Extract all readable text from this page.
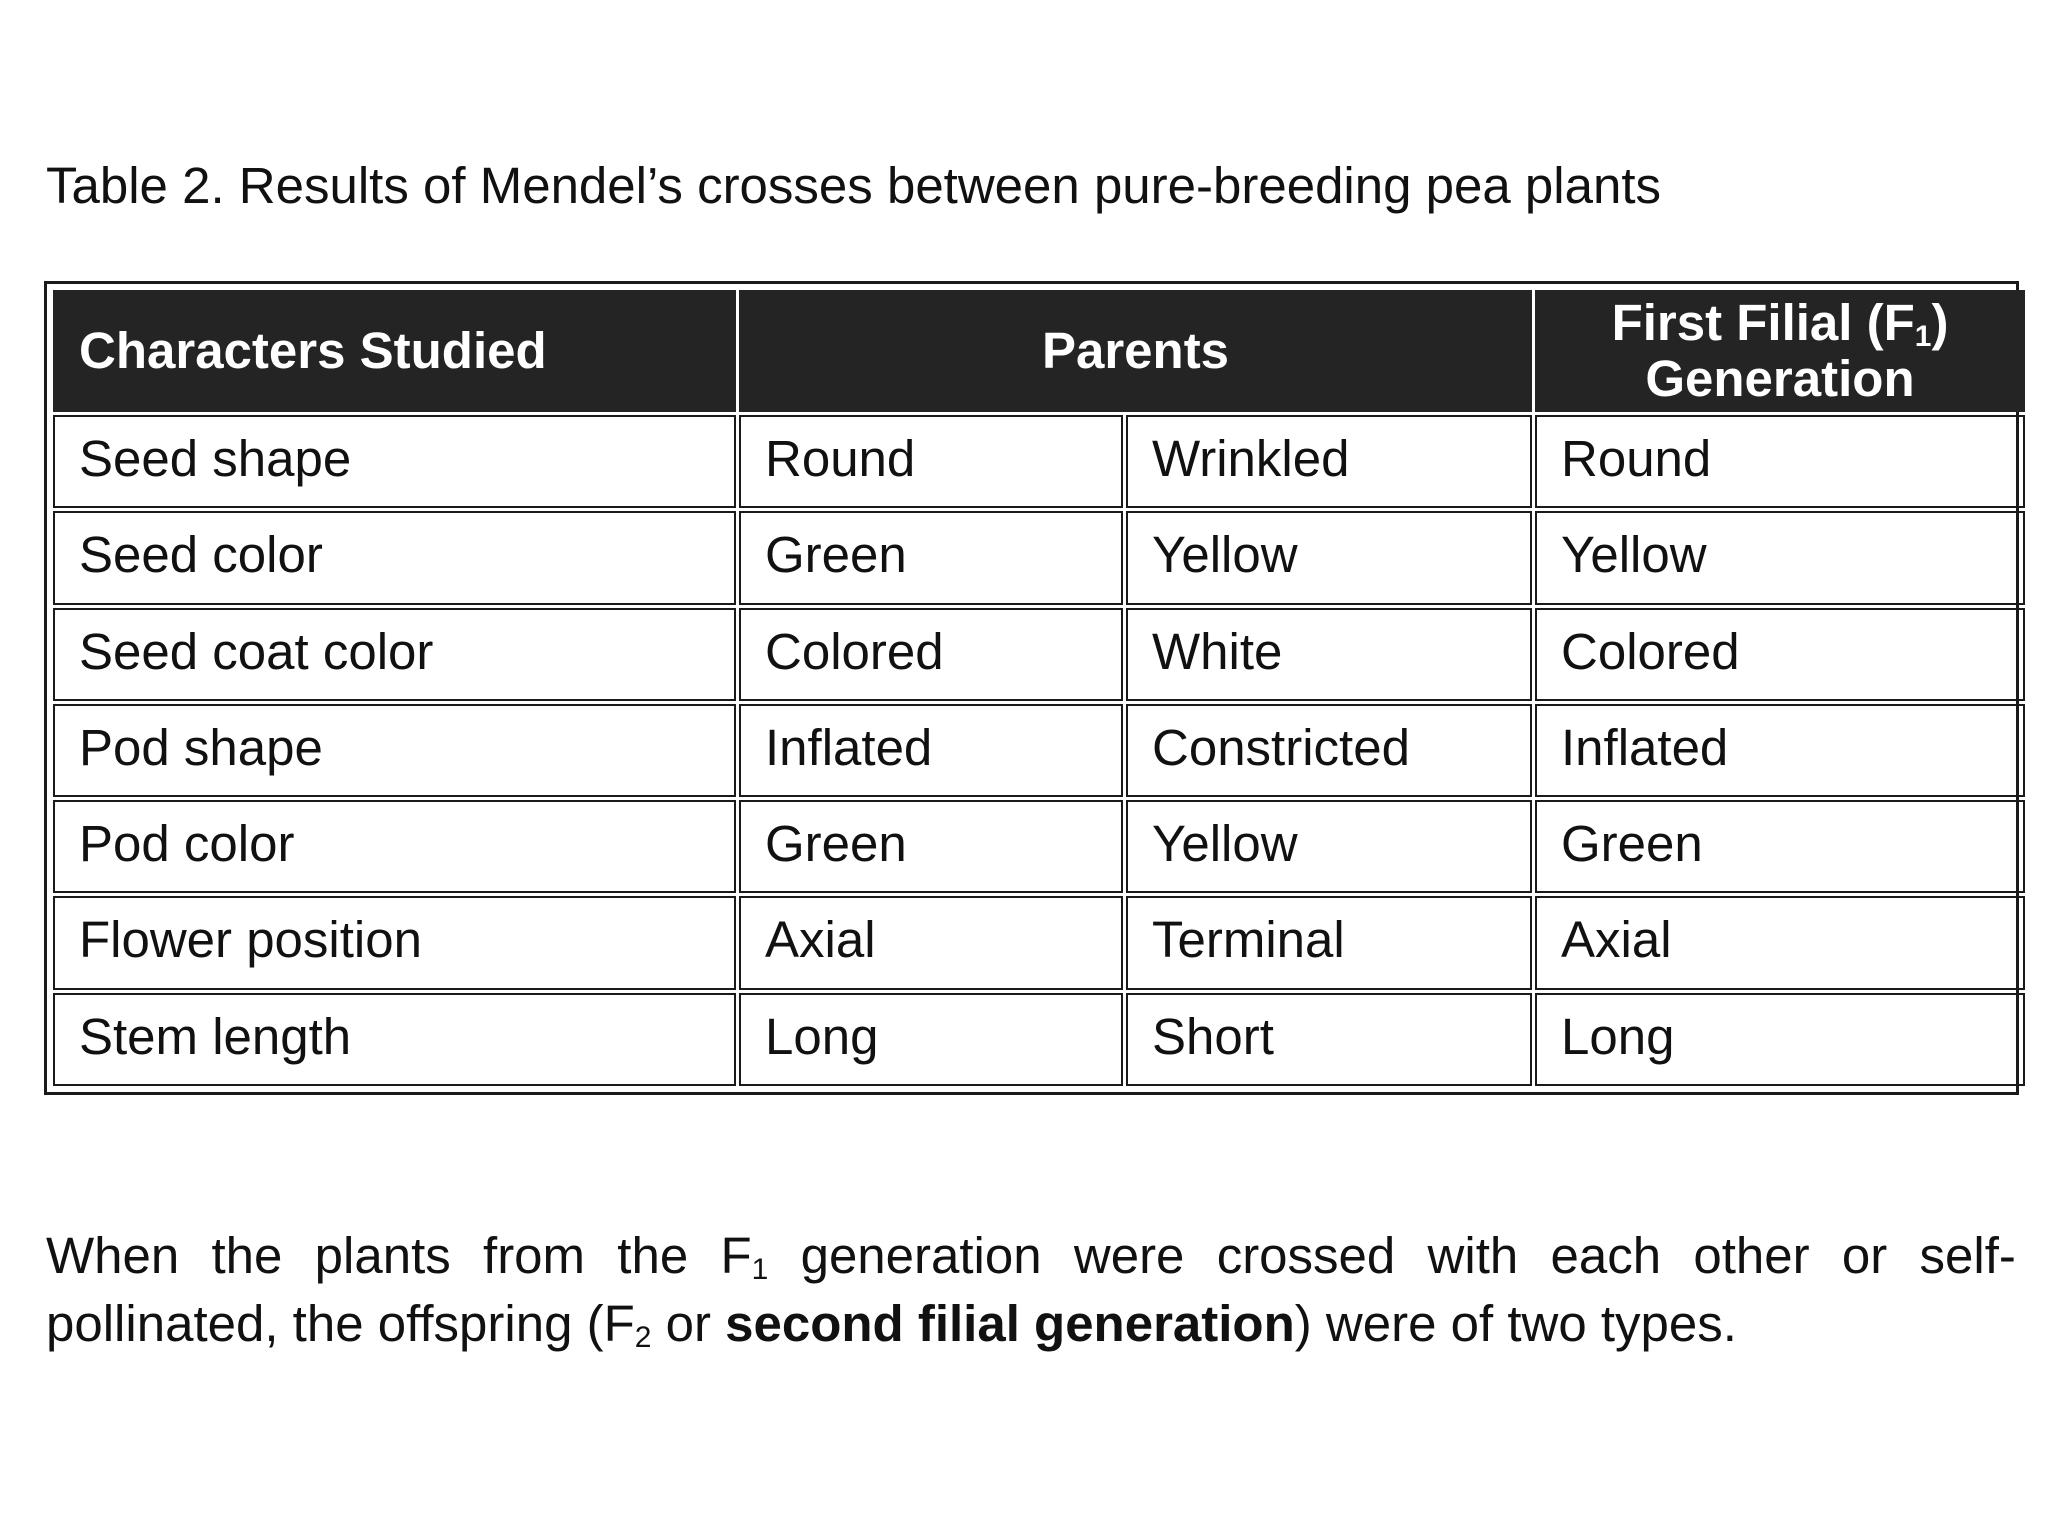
Table 2. Results of Mendel’s crosses between pure-breeding pea plants

Characters Studied	Parents		First Filial $(F_1)$
Generation
Seed shape	Round	Wrinkled	Round
Seed color	Green	Yellow	Yellow
Seed coat color	Colored	White	Colored
Pod shape	Inflated	Constricted	Inflated
Pod color	Green	Yellow	Green
Flower position	Axial	Terminal	Axial
Stem length	Long	Short	Long
When the plants from the $F_1$ generation were crossed with each other or self-
pollinated, the offspring ($F_2$ or second filial generation) were of two types.
